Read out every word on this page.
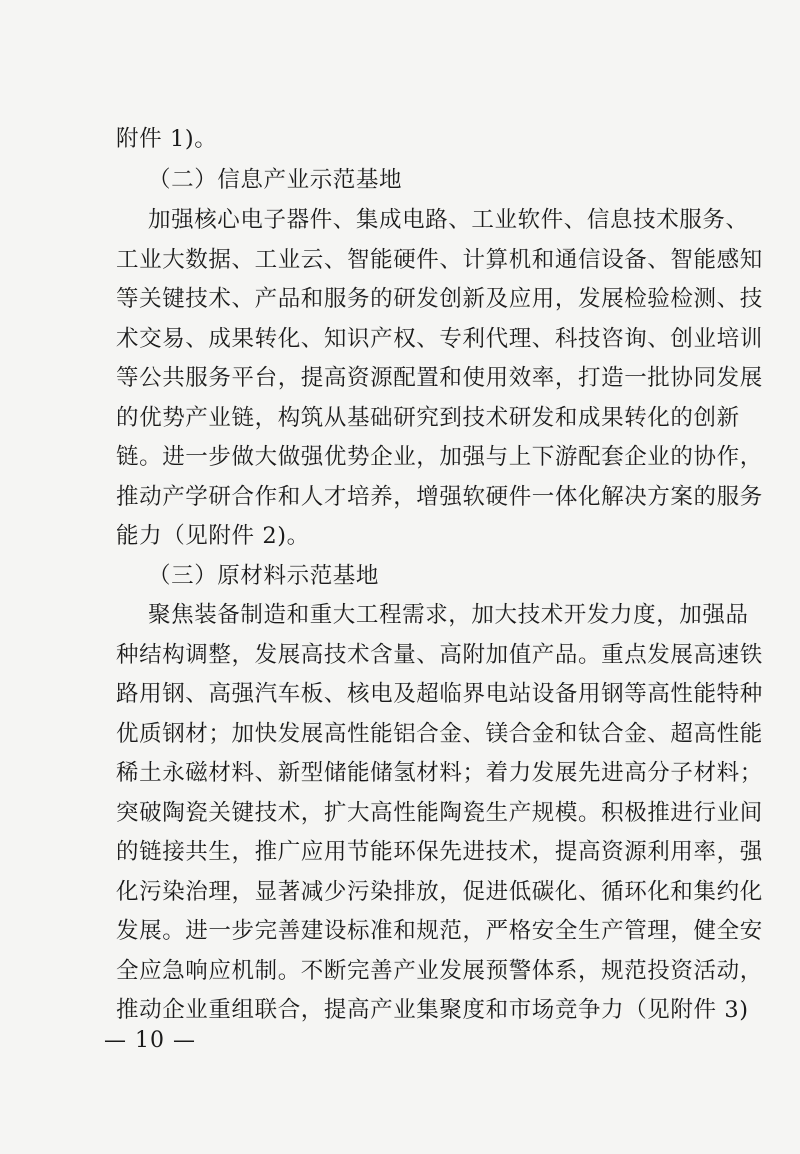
附件 1)。
（二）信息产业示范基地
加强核心电子器件、集成电路、工业软件、信息技术服务、
工业大数据、工业云、智能硬件、计算机和通信设备、智能感知
等关键技术、产品和服务的研发创新及应用，发展检验检测、技
术交易、成果转化、知识产权、专利代理、科技咨询、创业培训
等公共服务平台，提高资源配置和使用效率，打造一批协同发展
的优势产业链，构筑从基础研究到技术研发和成果转化的创新
链。进一步做大做强优势企业，加强与上下游配套企业的协作，
推动产学研合作和人才培养，增强软硬件一体化解决方案的服务
能力（见附件 2)。
（三）原材料示范基地
聚焦装备制造和重大工程需求，加大技术开发力度，加强品
种结构调整，发展高技术含量、高附加值产品。重点发展高速铁
路用钢、高强汽车板、核电及超临界电站设备用钢等高性能特种
优质钢材；加快发展高性能铝合金、镁合金和钛合金、超高性能
稀土永磁材料、新型储能储氢材料；着力发展先进高分子材料；
突破陶瓷关键技术，扩大高性能陶瓷生产规模。积极推进行业间
的链接共生，推广应用节能环保先进技术，提高资源利用率，强
化污染治理，显著减少污染排放，促进低碳化、循环化和集约化
发展。进一步完善建设标准和规范，严格安全生产管理，健全安
全应急响应机制。不断完善产业发展预警体系，规范投资活动，
推动企业重组联合，提高产业集聚度和市场竞争力（见附件 3)
— 10 —
